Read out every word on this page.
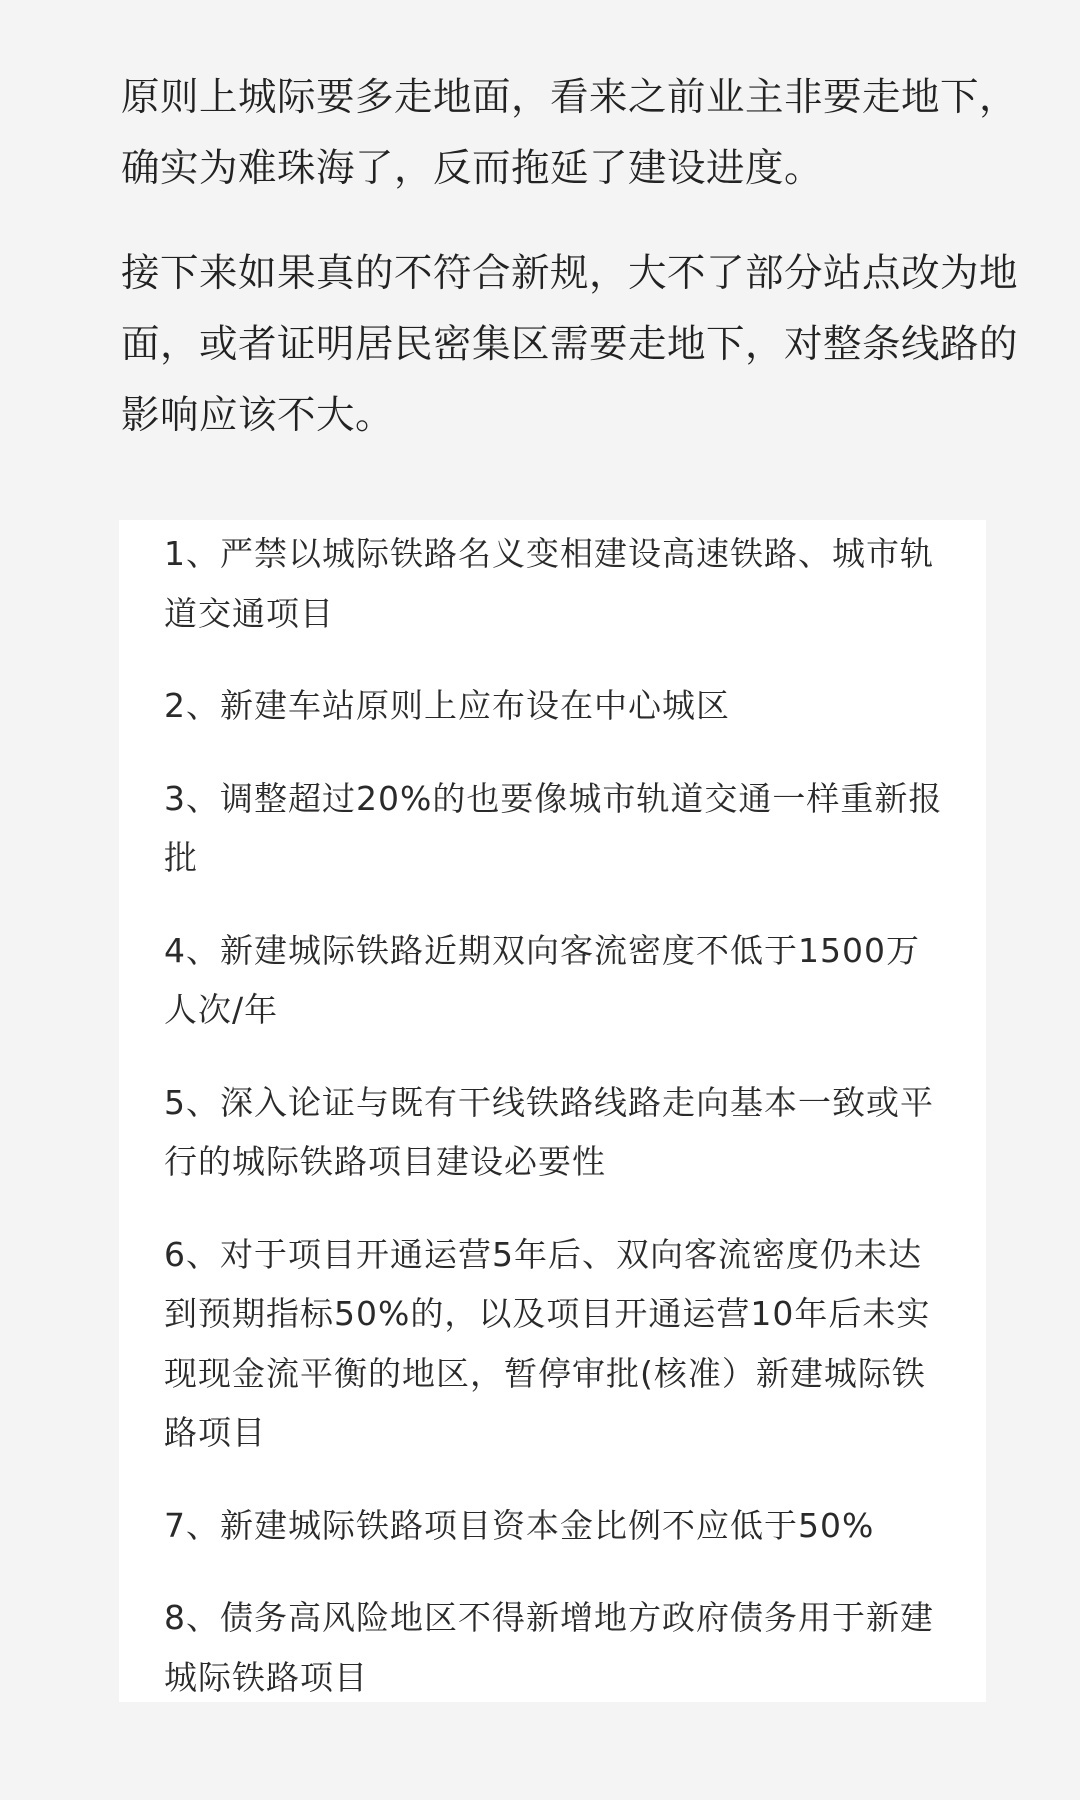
原则上城际要多走地面，看来之前业主非要走地下，确实为难珠海了，反而拖延了建设进度。

接下来如果真的不符合新规，大不了部分站点改为地面，或者证明居民密集区需要走地下，对整条线路的影响应该不大。

1、严禁以城际铁路名义变相建设高速铁路、城市轨道交通项目
2、新建车站原则上应布设在中心城区
3、调整超过20%的也要像城市轨道交通一样重新报批
4、新建城际铁路近期双向客流密度不低于1500万人次/年
5、深入论证与既有干线铁路线路走向基本一致或平行的城际铁路项目建设必要性
6、对于项目开通运营5年后、双向客流密度仍未达到预期指标50%的，以及项目开通运营10年后未实现现金流平衡的地区，暂停审批(核准）新建城际铁路项目
7、新建城际铁路项目资本金比例不应低于50%
8、债务高风险地区不得新增地方政府债务用于新建城际铁路项目
